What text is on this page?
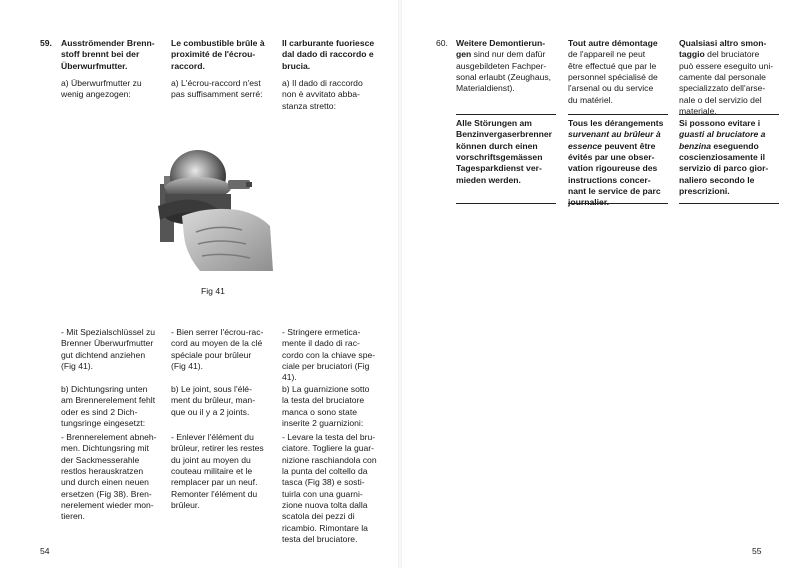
59. Ausströmender Brenn-
stoff brennt bei der
Überwurfmutter.
Le combustible brûle à
proximité de l'écrou-
raccord.
Il carburante fuoriesce
dal dado di raccordo e
brucia.
a) Überwurfmutter zu
wenig angezogen:
a) L'écrou-raccord n'est
pas suffisamment serré:
a) Il dado di raccordo
non è avvitato abba-
stanza stretto:
Fig 41
- Mit Spezialschlüssel zu
Brenner Überwurfmutter
gut dichtend anziehen
(Fig 41).
- Bien serrer l'écrou-rac-
cord au moyen de la clé
spéciale pour brûleur
(Fig 41).
- Stringere ermetica-
mente il dado di rac-
cordo con la chiave spe-
ciale per bruciatori (Fig
41).
b) Dichtungsring unten
am Brennerelement fehlt
oder es sind 2 Dich-
tungsringe eingesetzt:
b) Le joint, sous l'élé-
ment du brûleur, man-
que ou il y a 2 joints.
b) La guarnizione sotto
la testa del bruciatore
manca o sono state
inserite 2 guarnizioni:
- Brennerelement abneh-
men. Dichtungsring mit
der Sackmesserahle
restlos herauskratzen
und durch einen neuen
ersetzen (Fig 38). Bren-
nerelement wieder mon-
tieren.
- Enlever l'élément du
brûleur, retirer les restes
du joint au moyen du
couteau militaire et le
remplacer par un neuf.
Remonter l'élément du
brûleur.
- Levare la testa del bru-
ciatore. Togliere la guar-
nizione raschiandola con
la punta del coltello da
tasca (Fig 38) e sosti-
tuirla con una guarni-
zione nuova tolta dalla
scatola dei pezzi di
ricambio. Rimontare la
testa del bruciatore.
54
60. Weitere Demontierun-
gen sind nur dem dafür
ausgebildeten Fachper-
sonal erlaubt (Zeughaus,
Materialdienst).
Tout autre démontage
de l'appareil ne peut
être effectué que par le
personnel spécialisé de
l'arsenal ou du service
du matériel.
Qualsiasi altro smon-
taggio del bruciatore
può essere eseguito uni-
camente dal personale
specializzato dell'arse-
nale o del servizio del
materiale.
Alle Störungen am
Benzinvergaserbrenner
können durch einen
vorschriftsgemässen
Tagesparkdienst ver-
mieden werden.
Tous les dérangements
survenant au brûleur à
essence peuvent être
évités par une obser-
vation rigoureuse des
instructions concer-
nant le service de parc
journalier.
Si possono evitare i
guasti al bruciatore a
benzina eseguendo
coscienziosamente il
servizio di parco gior-
naliero secondo le
prescrizioni.
55
